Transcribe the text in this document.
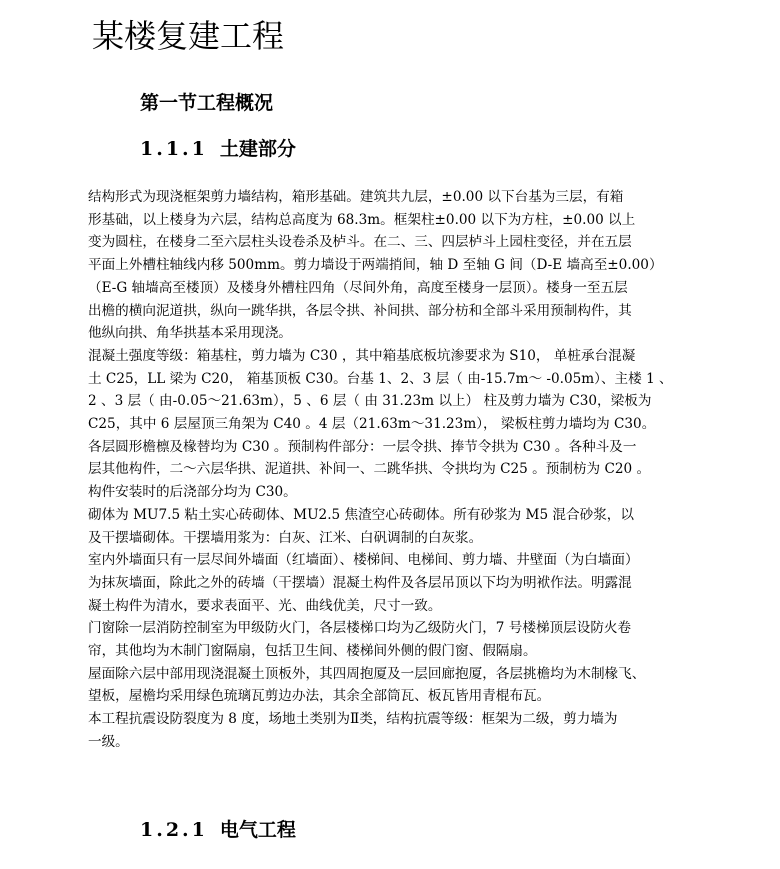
某楼复建工程
第一节工程概况
1.1.1 土建部分

结构形式为现浇框架剪力墙结构，箱形基础。建筑共九层，±0.00 以下台基为三层，有箱
形基础，以上楼身为六层，结构总高度为 68.3m。框架柱±0.00 以下为方柱，±0.00 以上
变为圆柱，在楼身二至六层柱头设卷杀及栌斗。在二、三、四层栌斗上园柱变径，并在五层
平面上外槽柱轴线内移 500mm。剪力墙设于两端捎间，轴 D 至轴 G 间（D-E 墙高至±0.00）
（E-G 轴墙高至楼顶）及楼身外槽柱四角（尽间外角，高度至楼身一层顶）。楼身一至五层
出檐的横向泥道拱，纵向一跳华拱，各层令拱、补间拱、部分枋和全部斗采用预制构件，其
他纵向拱、角华拱基本采用现浇。

混凝土强度等级：箱基柱，剪力墙为 C30 ，其中箱基底板坑渗要求为 S10， 单桩承台混凝
土 C25，LL 梁为 C20， 箱基顶板 C30。台基 1、2、3 层（ 由-15.7m～ -0.05m）、主楼 1 、
2 、3 层（ 由-0.05～21.63m），5 、6 层（ 由 31.23m 以上） 柱及剪力墙为 C30，梁板为
C25，其中 6 层屋顶三角架为 C40 。4 层（21.63m～31.23m）， 梁板柱剪力墙均为 C30。
各层圆形檐檩及椽替均为 C30 。预制构件部分：一层令拱、捧节令拱为 C30 。各种斗及一
层其他构件，二～六层华拱、泥道拱、补间一、二跳华拱、令拱均为 C25 。预制枋为 C20 。
构件安装时的后浇部分均为 C30。

砌体为 MU7.5 粘土实心砖砌体、MU2.5 焦渣空心砖砌体。所有砂浆为 M5 混合砂浆，以
及干摆墙砌体。干摆墙用浆为：白灰、江米、白矾调制的白灰浆。

室内外墙面只有一层尽间外墙面（红墙面）、楼梯间、电梯间、剪力墙、井壁面（为白墙面）
为抹灰墙面，除此之外的砖墙（干摆墙）混凝土构件及各层吊顶以下均为明袱作法。明露混
凝土构件为清水，要求表面平、光、曲线优美，尺寸一致。

门窗除一层消防控制室为甲级防火门，各层楼梯口均为乙级防火门，7 号楼梯顶层设防火卷
帘，其他均为木制门窗隔扇，包括卫生间、楼梯间外侧的假门窗、假隔扇。

屋面除六层中部用现浇混凝土顶板外，其四周抱厦及一层回廊抱厦，各层挑檐均为木制椽飞、
望板，屋檐均采用绿色琉璃瓦剪边办法，其余全部筒瓦、板瓦皆用青棍布瓦。

本工程抗震设防裂度为 8 度，场地土类别为Ⅱ类，结构抗震等级：框架为二级，剪力墙为
一级。

1.2.1 电气工程
